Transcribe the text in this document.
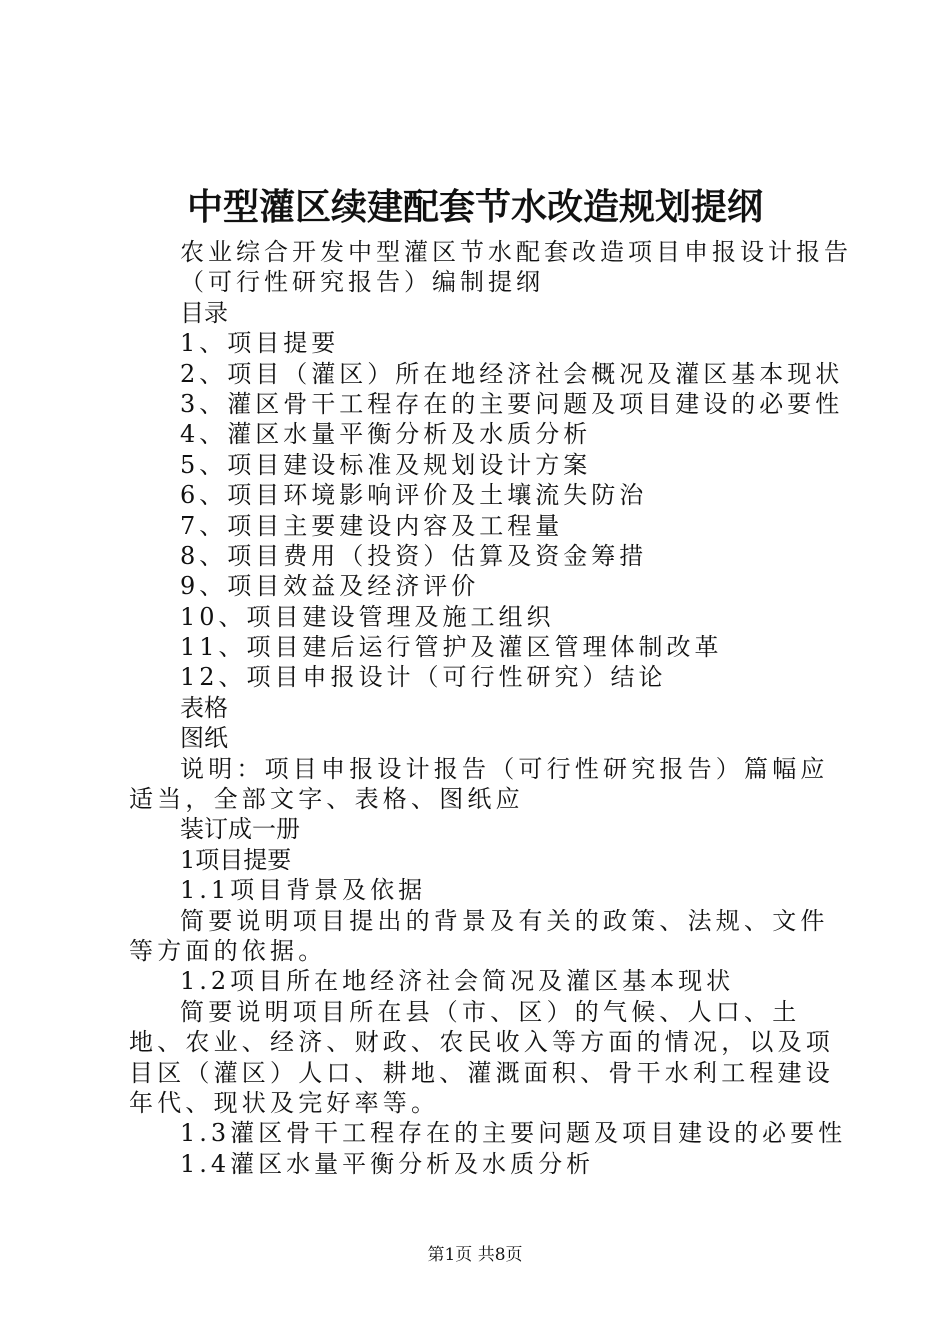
中型灌区续建配套节水改造规划提纲
农业综合开发中型灌区节水配套改造项目申报设计报告
（可行性研究报告）编制提纲
目录
1、项目提要
2、项目（灌区）所在地经济社会概况及灌区基本现状
3、灌区骨干工程存在的主要问题及项目建设的必要性
4、灌区水量平衡分析及水质分析
5、项目建设标准及规划设计方案
6、项目环境影响评价及土壤流失防治
7、项目主要建设内容及工程量
8、项目费用（投资）估算及资金筹措
9、项目效益及经济评价
10、项目建设管理及施工组织
11、项目建后运行管护及灌区管理体制改革
12、项目申报设计（可行性研究）结论
表格
图纸
说明：项目申报设计报告（可行性研究报告）篇幅应适当，全部文字、表格、图纸应
装订成一册
1项目提要
1.1项目背景及依据
简要说明项目提出的背景及有关的政策、法规、文件等方面的依据。
1.2项目所在地经济社会简况及灌区基本现状
简要说明项目所在县（市、区）的气候、人口、土地、农业、经济、财政、农民收入等方面的情况，以及项目区（灌区）人口、耕地、灌溉面积、骨干水利工程建设年代、现状及完好率等。
1.3灌区骨干工程存在的主要问题及项目建设的必要性
1.4灌区水量平衡分析及水质分析
第1页 共8页
